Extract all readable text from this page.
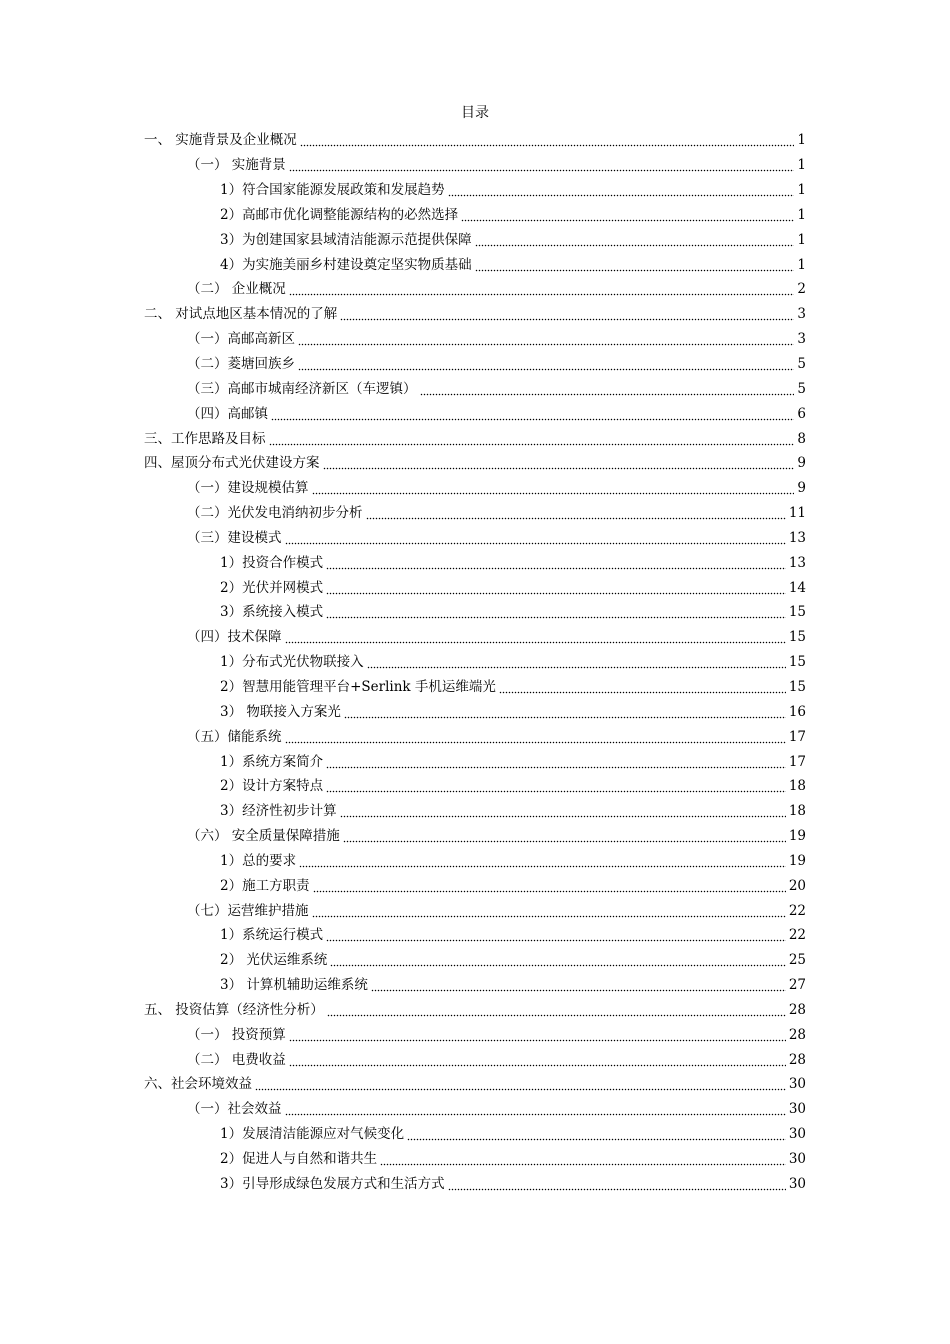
目录
一、 实施背景及企业概况	1
（一） 实施背景	1
1）符合国家能源发展政策和发展趋势	1
2）高邮市优化调整能源结构的必然选择	1
3）为创建国家县域清洁能源示范提供保障	1
4）为实施美丽乡村建设奠定坚实物质基础	1
（二） 企业概况	2
二、 对试点地区基本情况的了解	3
（一）高邮高新区	3
（二）菱塘回族乡	5
（三）高邮市城南经济新区（车逻镇）	5
（四）高邮镇	6
三、工作思路及目标	8
四、屋顶分布式光伏建设方案	9
（一）建设规模估算	9
（二）光伏发电消纳初步分析	11
（三）建设模式	13
1）投资合作模式	13
2）光伏并网模式	14
3）系统接入模式	15
（四）技术保障	15
1）分布式光伏物联接入	15
2）智慧用能管理平台+Serlink 手机运维端光	15
3） 物联接入方案光	16
（五）储能系统	17
1）系统方案简介	17
2）设计方案特点	18
3）经济性初步计算	18
（六） 安全质量保障措施	19
1）总的要求	19
2）施工方职责	20
（七）运营维护措施	22
1）系统运行模式	22
2） 光伏运维系统	25
3） 计算机辅助运维系统	27
五、 投资估算（经济性分析）	28
（一） 投资预算	28
（二） 电费收益	28
六、社会环境效益	30
（一）社会效益	30
1）发展清洁能源应对气候变化	30
2）促进人与自然和谐共生	30
3）引导形成绿色发展方式和生活方式	30
